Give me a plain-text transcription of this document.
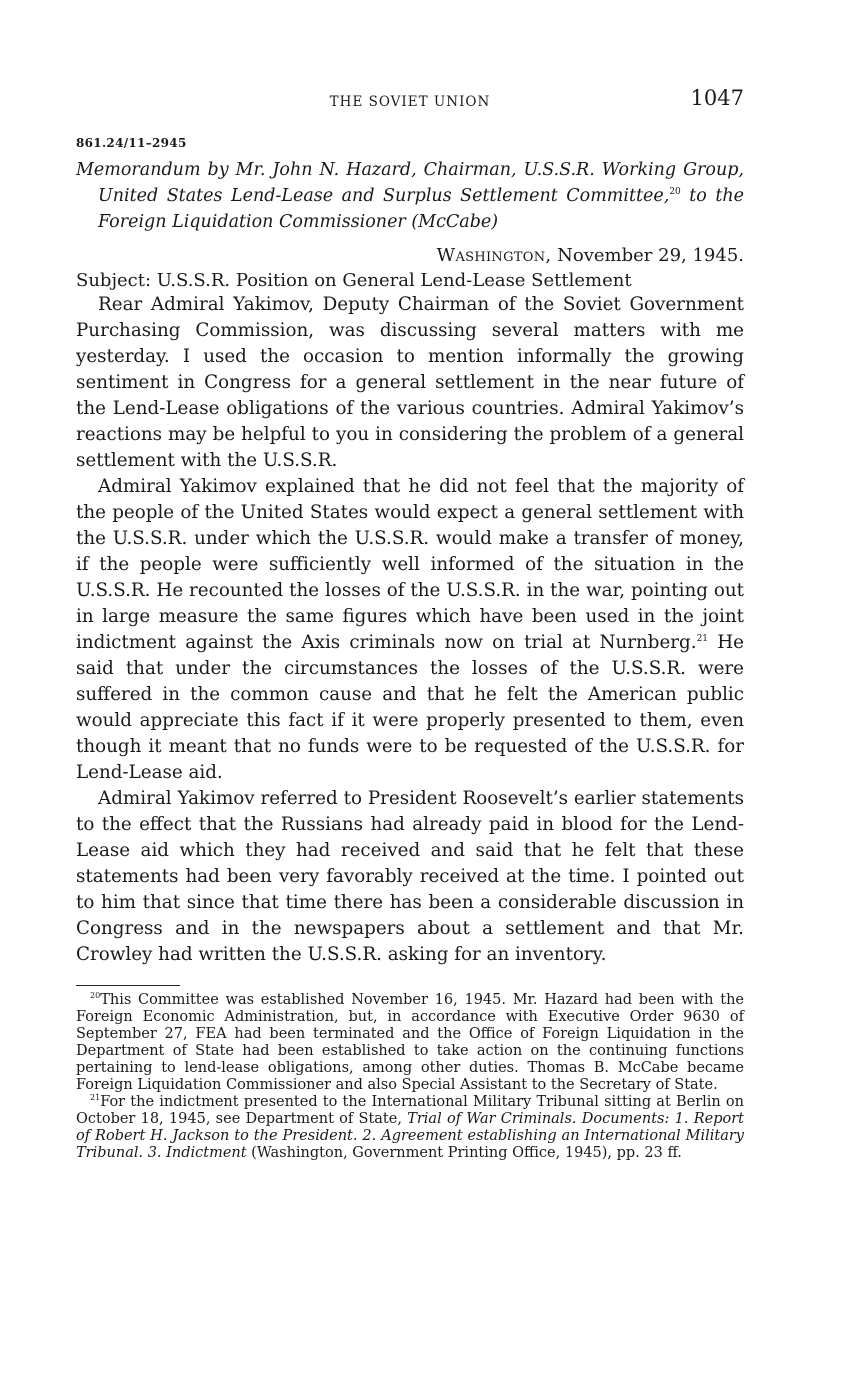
THE SOVIET UNION	1047
861.24/11–2945
Memorandum by Mr. John N. Hazard, Chairman, U.S.S.R. Working Group, United States Lend-Lease and Surplus Settlement Committee,$^{20}$ to the Foreign Liquidation Commissioner (McCabe)
Washington, November 29, 1945.
Subject: U.S.S.R. Position on General Lend-Lease Settlement

Rear Admiral Yakimov, Deputy Chairman of the Soviet Government Purchasing Commission, was discussing several matters with me yesterday. I used the occasion to mention informally the growing sentiment in Congress for a general settlement in the near future of the Lend-Lease obligations of the various countries. Admiral Yakimov’s reactions may be helpful to you in considering the problem of a general settlement with the U.S.S.R.

Admiral Yakimov explained that he did not feel that the majority of the people of the United States would expect a general settlement with the U.S.S.R. under which the U.S.S.R. would make a transfer of money, if the people were sufficiently well informed of the situation in the U.S.S.R. He recounted the losses of the U.S.S.R. in the war, pointing out in large measure the same figures which have been used in the joint indictment against the Axis criminals now on trial at Nurnberg.$^{21}$ He said that under the circumstances the losses of the U.S.S.R. were suffered in the common cause and that he felt the American public would appreciate this fact if it were properly presented to them, even though it meant that no funds were to be requested of the U.S.S.R. for Lend-Lease aid.

Admiral Yakimov referred to President Roosevelt’s earlier statements to the effect that the Russians had already paid in blood for the Lend-Lease aid which they had received and said that he felt that these statements had been very favorably received at the time. I pointed out to him that since that time there has been a considerable discussion in Congress and in the newspapers about a settlement and that Mr. Crowley had written the U.S.S.R. asking for an inventory.

$^{20}$This Committee was established November 16, 1945. Mr. Hazard had been with the Foreign Economic Administration, but, in accordance with Executive Order 9630 of September 27, FEA had been terminated and the Office of Foreign Liquidation in the Department of State had been established to take action on the continuing functions pertaining to lend-lease obligations, among other duties. Thomas B. McCabe became Foreign Liquidation Commissioner and also Special Assistant to the Secretary of State.

$^{21}$For the indictment presented to the International Military Tribunal sitting at Berlin on October 18, 1945, see Department of State, Trial of War Criminals. Documents: 1. Report of Robert H. Jackson to the President. 2. Agreement establishing an International Military Tribunal. 3. Indictment (Washington, Government Printing Office, 1945), pp. 23 ff.
